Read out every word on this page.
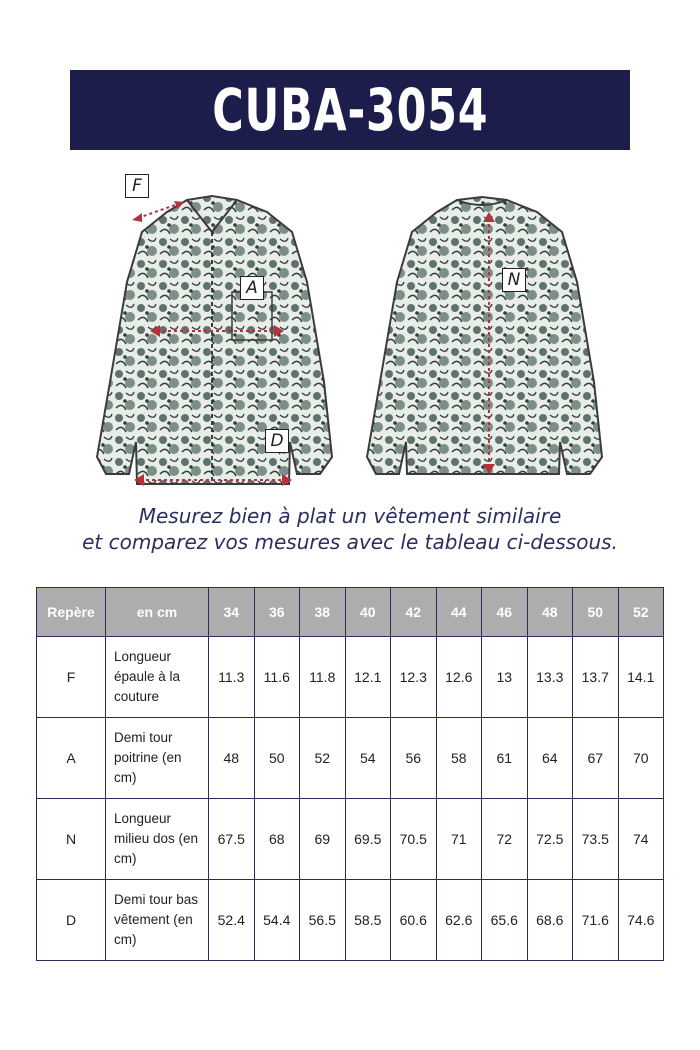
CUBA-3054
F
A
D
N
Mesurez bien à plat un vêtement similaire
et comparez vos mesures avec le tableau ci-dessous.
Repère	en cm	34	36	38	40	42	44	46	48	50	52
F	Longueur épaule à la couture	11.3	11.6	11.8	12.1	12.3	12.6	13	13.3	13.7	14.1
A	Demi tour poitrine (en cm)	48	50	52	54	56	58	61	64	67	70
N	Longueur milieu dos (en cm)	67.5	68	69	69.5	70.5	71	72	72.5	73.5	74
D	Demi tour bas vêtement (en cm)	52.4	54.4	56.5	58.5	60.6	62.6	65.6	68.6	71.6	74.6
